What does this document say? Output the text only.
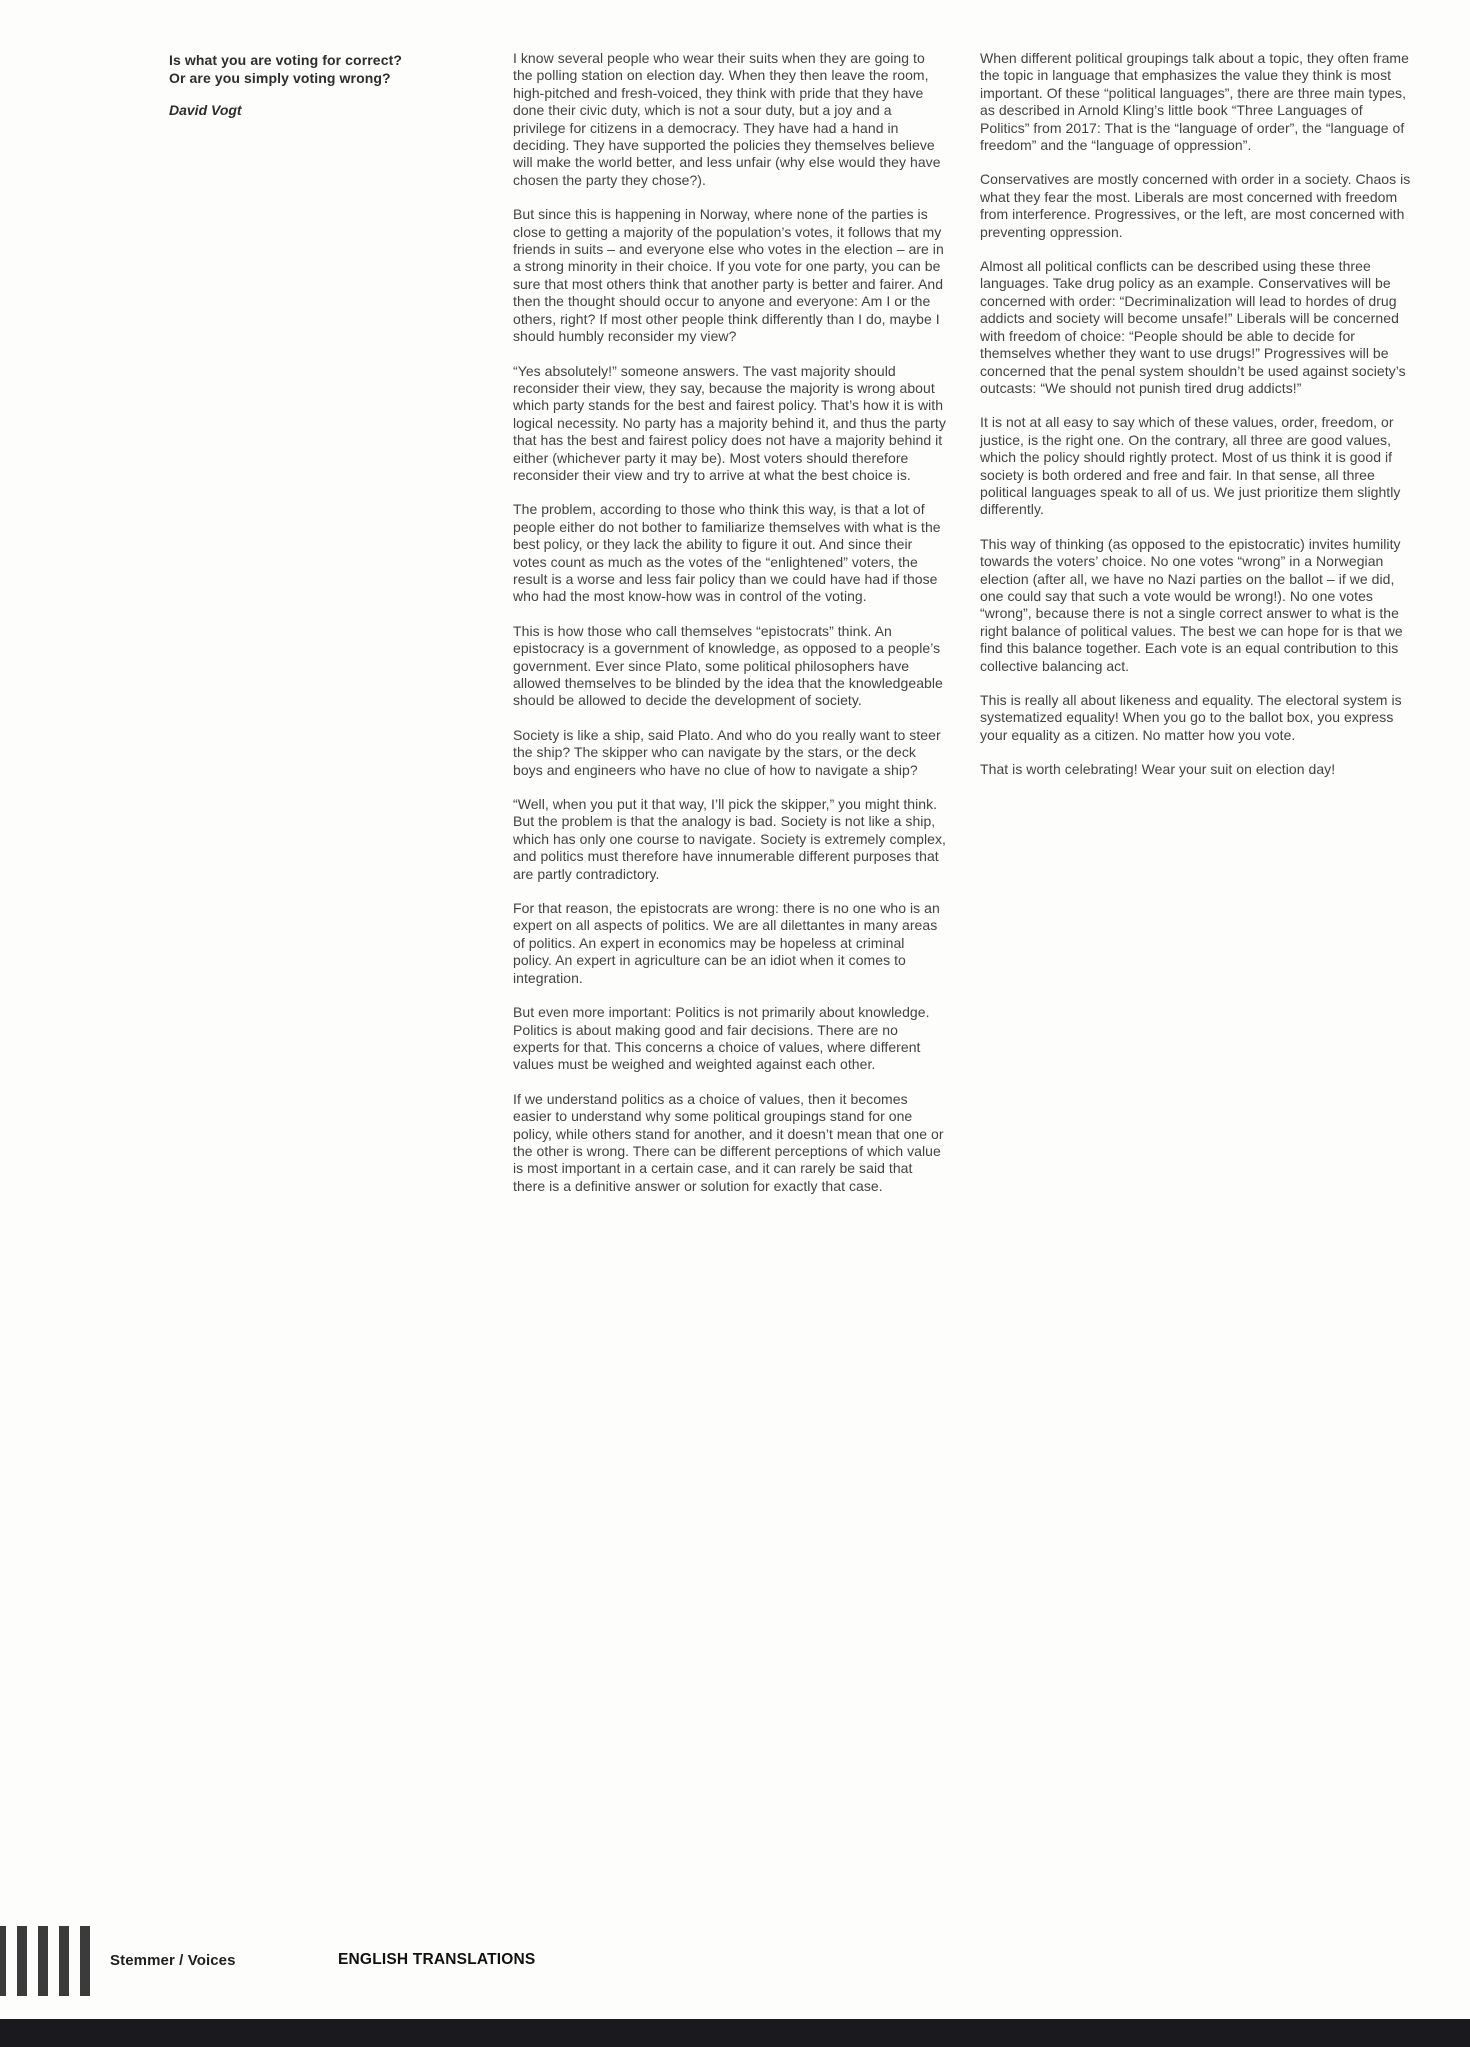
Is what you are voting for correct?
Or are you simply voting wrong?
David Vogt

I know several people who wear their suits when they are going to the polling station on election day. When they then leave the room, high-pitched and fresh-voiced, they think with pride that they have done their civic duty, which is not a sour duty, but a joy and a privilege for citizens in a democracy. They have had a hand in deciding. They have supported the policies they themselves believe will make the world better, and less unfair (why else would they have chosen the party they chose?).

But since this is happening in Norway, where none of the parties is close to getting a majority of the population’s votes, it follows that my friends in suits – and everyone else who votes in the election – are in a strong minority in their choice. If you vote for one party, you can be sure that most others think that another party is better and fairer. And then the thought should occur to anyone and everyone: Am I or the others, right? If most other people think differently than I do, maybe I should humbly reconsider my view?

“Yes absolutely!” someone answers. The vast majority should reconsider their view, they say, because the majority is wrong about which party stands for the best and fairest policy. That’s how it is with logical necessity. No party has a majority behind it, and thus the party that has the best and fairest policy does not have a majority behind it either (whichever party it may be). Most voters should therefore reconsider their view and try to arrive at what the best choice is.

The problem, according to those who think this way, is that a lot of people either do not bother to familiarize themselves with what is the best policy, or they lack the ability to figure it out. And since their votes count as much as the votes of the “enlightened” voters, the result is a worse and less fair policy than we could have had if those who had the most know-how was in control of the voting.

This is how those who call themselves “epistocrats” think. An epistocracy is a government of knowledge, as opposed to a people’s government. Ever since Plato, some political philosophers have allowed themselves to be blinded by the idea that the knowledgeable should be allowed to decide the development of society.

Society is like a ship, said Plato. And who do you really want to steer the ship? The skipper who can navigate by the stars, or the deck boys and engineers who have no clue of how to navigate a ship?

“Well, when you put it that way, I’ll pick the skipper,” you might think. But the problem is that the analogy is bad. Society is not like a ship, which has only one course to navigate. Society is extremely complex, and politics must therefore have innumerable different purposes that are partly contradictory.

For that reason, the epistocrats are wrong: there is no one who is an expert on all aspects of politics. We are all dilettantes in many areas of politics. An expert in economics may be hopeless at criminal policy. An expert in agriculture can be an idiot when it comes to integration.

But even more important: Politics is not primarily about knowledge. Politics is about making good and fair decisions. There are no experts for that. This concerns a choice of values, where different values must be weighed and weighted against each other.

If we understand politics as a choice of values, then it becomes easier to understand why some political groupings stand for one policy, while others stand for another, and it doesn’t mean that one or the other is wrong. There can be different perceptions of which value is most important in a certain case, and it can rarely be said that there is a definitive answer or solution for exactly that case.

When different political groupings talk about a topic, they often frame the topic in language that emphasizes the value they think is most important. Of these “political languages”, there are three main types, as described in Arnold Kling’s little book “Three Languages of Politics” from 2017: That is the “language of order”, the “language of freedom” and the “language of oppression”.

Conservatives are mostly concerned with order in a society. Chaos is what they fear the most. Liberals are most concerned with freedom from interference. Progressives, or the left, are most concerned with preventing oppression.

Almost all political conflicts can be described using these three languages. Take drug policy as an example. Conservatives will be concerned with order: “Decriminalization will lead to hordes of drug addicts and society will become unsafe!” Liberals will be concerned with freedom of choice: “People should be able to decide for themselves whether they want to use drugs!” Progressives will be concerned that the penal system shouldn’t be used against society’s outcasts: “We should not punish tired drug addicts!”

It is not at all easy to say which of these values, order, freedom, or justice, is the right one. On the contrary, all three are good values, which the policy should rightly protect. Most of us think it is good if society is both ordered and free and fair. In that sense, all three political languages speak to all of us. We just prioritize them slightly differently.

This way of thinking (as opposed to the epistocratic) invites humility towards the voters’ choice. No one votes “wrong” in a Norwegian election (after all, we have no Nazi parties on the ballot – if we did, one could say that such a vote would be wrong!). No one votes “wrong”, because there is not a single correct answer to what is the right balance of political values. The best we can hope for is that we find this balance together. Each vote is an equal contribution to this collective balancing act.

This is really all about likeness and equality. The electoral system is systematized equality! When you go to the ballot box, you express your equality as a citizen. No matter how you vote.

That is worth celebrating! Wear your suit on election day!

Stemmer / Voices	ENGLISH TRANSLATIONS
